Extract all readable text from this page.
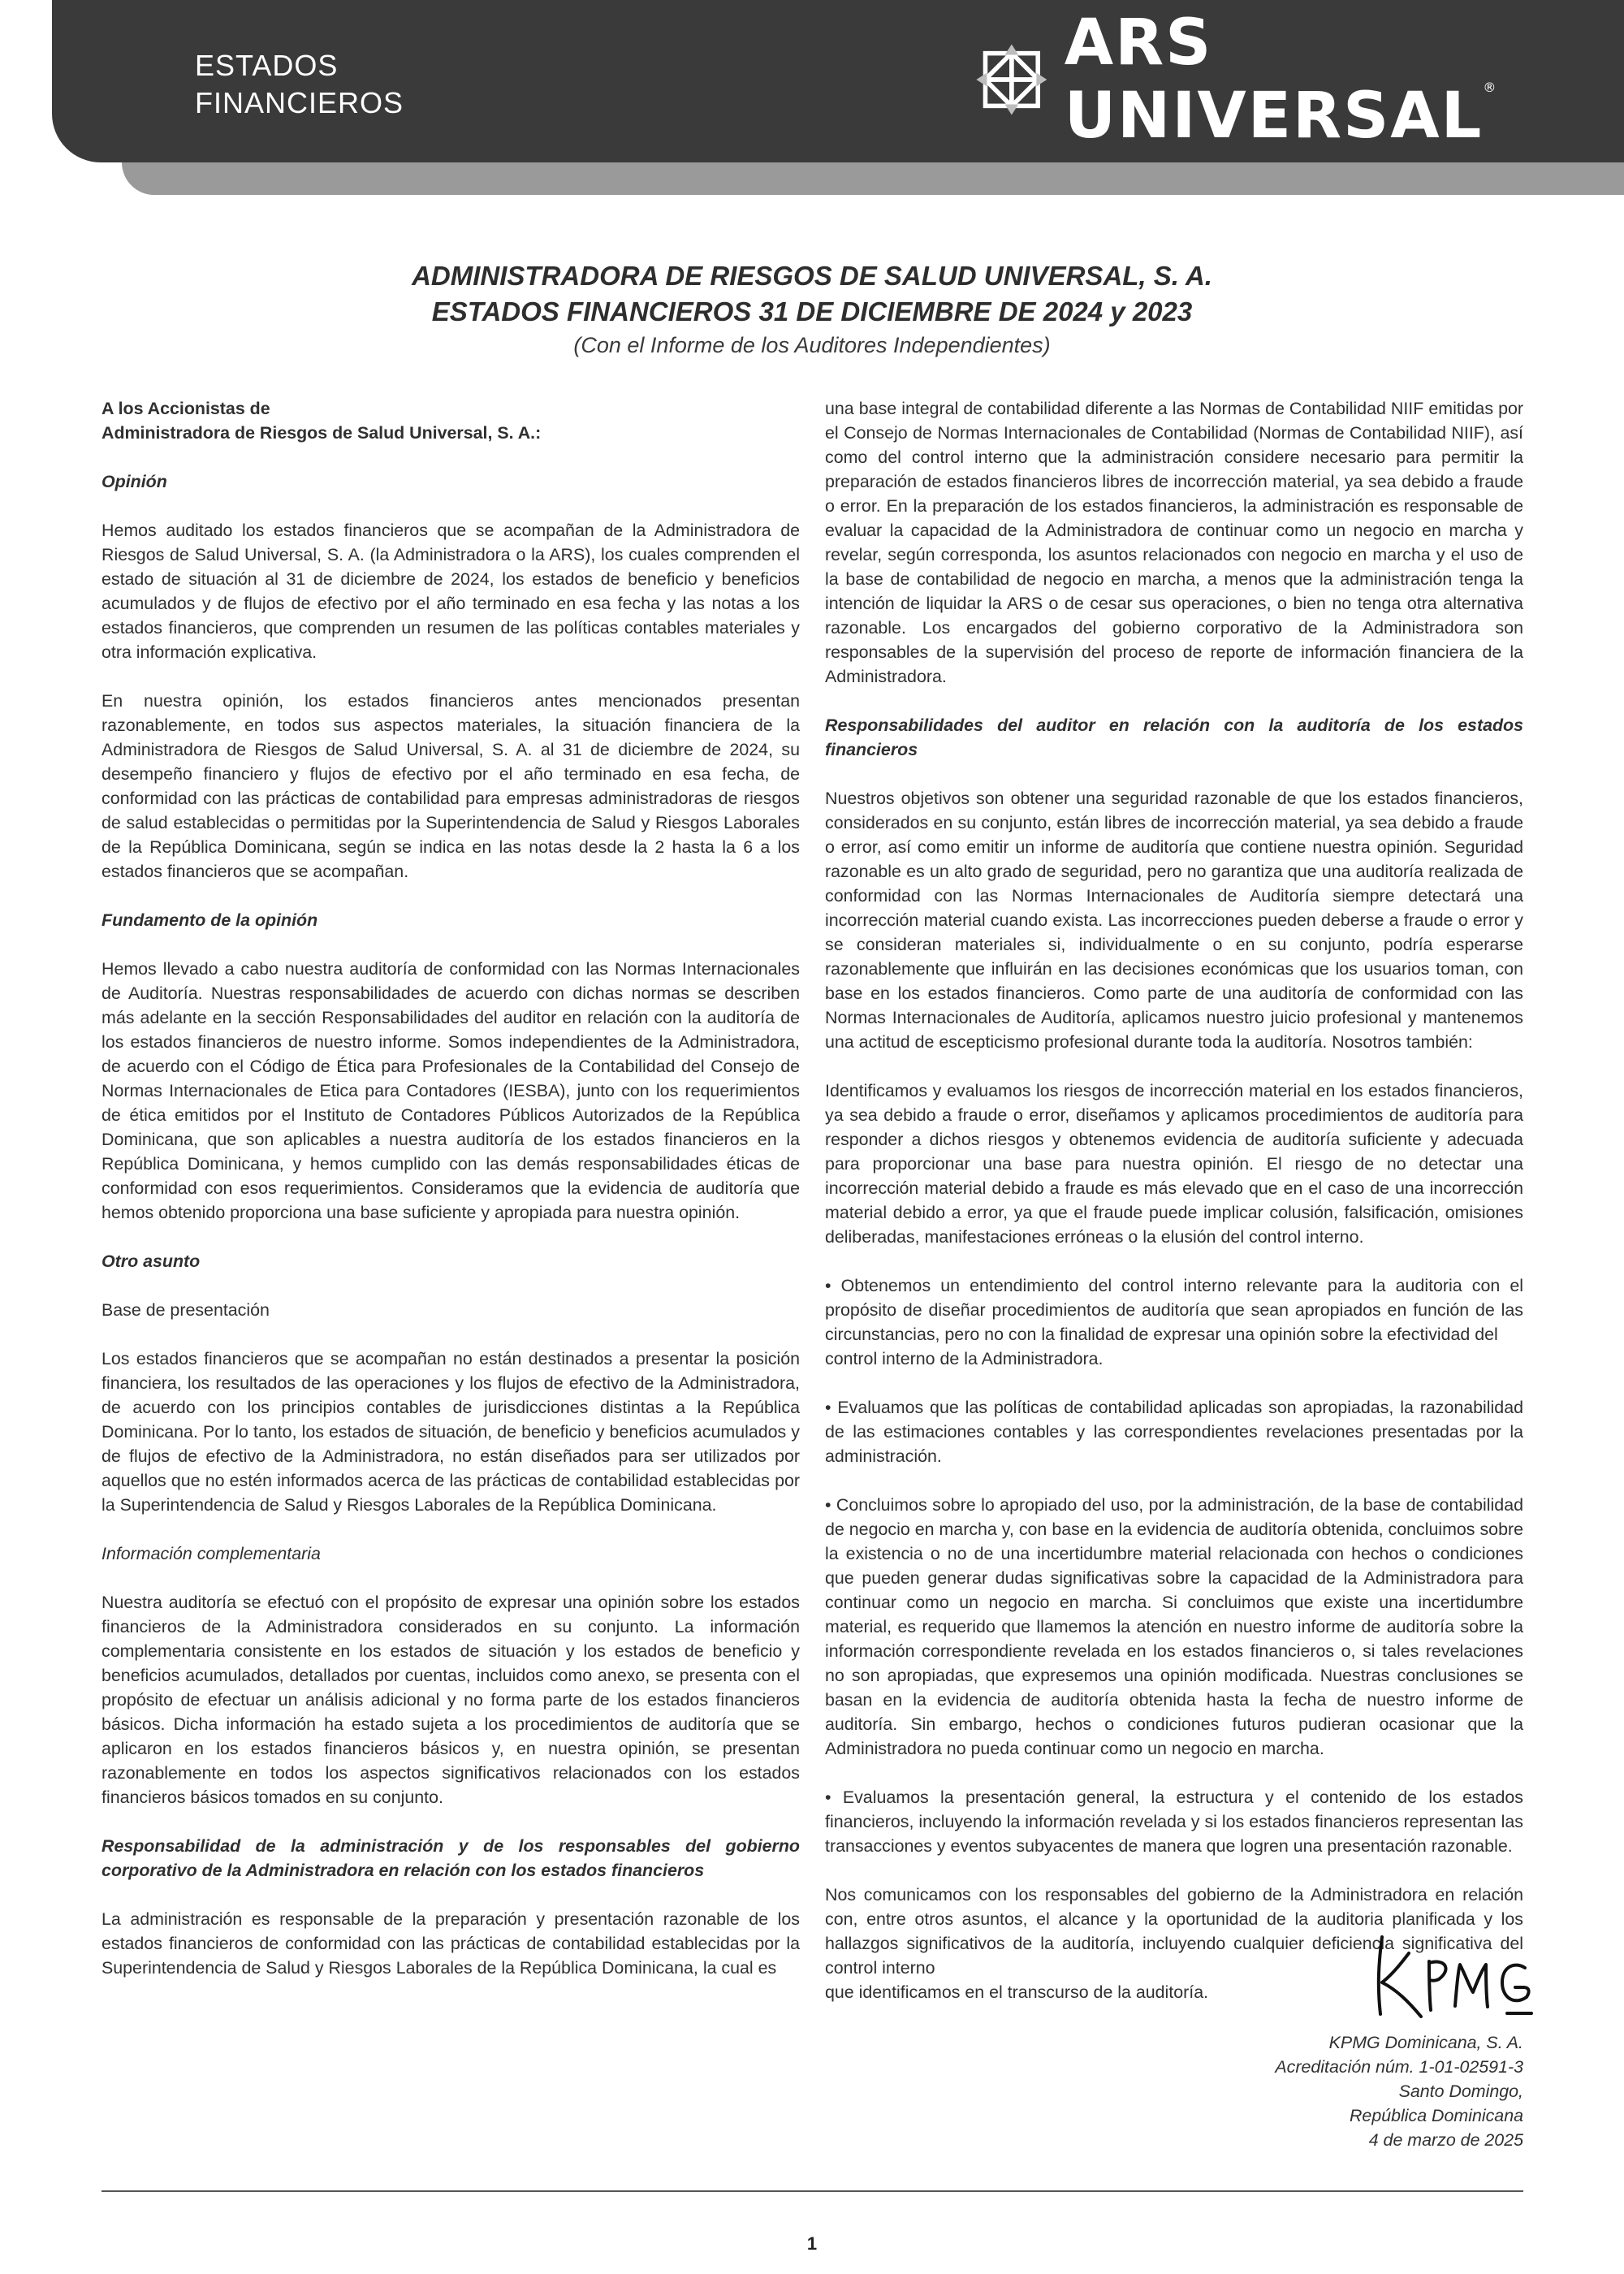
ESTADOS
FINANCIEROS
ARS UNIVERSAL®
ADMINISTRADORA DE RIESGOS DE SALUD UNIVERSAL, S. A.
ESTADOS FINANCIEROS 31 DE DICIEMBRE DE 2024 y 2023
(Con el Informe de los Auditores Independientes)

A los Accionistas de

Administradora de Riesgos de Salud Universal, S. A.:

Opinión

Hemos auditado los estados financieros que se acompañan de la Administradora de Riesgos de Salud Universal, S. A. (la Administradora o la ARS), los cuales comprenden el estado de situación al 31 de diciembre de 2024, los estados de beneficio y beneficios acumulados y de flujos de efectivo por el año terminado en esa fecha y las notas a los estados financieros, que comprenden un resumen de las políticas contables materiales y otra información explicativa.

En nuestra opinión, los estados financieros antes mencionados presentan razonablemente, en todos sus aspectos materiales, la situación financiera de la Administradora de Riesgos de Salud Universal, S. A. al 31 de diciembre de 2024, su desempeño financiero y flujos de efectivo por el año terminado en esa fecha, de conformidad con las prácticas de contabilidad para empresas administradoras de riesgos de salud establecidas o permitidas por la Superintendencia de Salud y Riesgos Laborales de la República Dominicana, según se indica en las notas desde la 2 hasta la 6 a los estados financieros que se acompañan.

Fundamento de la opinión

Hemos llevado a cabo nuestra auditoría de conformidad con las Normas Internacionales de Auditoría. Nuestras responsabilidades de acuerdo con dichas normas se describen más adelante en la sección Responsabilidades del auditor en relación con la auditoría de los estados financieros de nuestro informe. Somos independientes de la Administradora, de acuerdo con el Código de Ética para Profesionales de la Contabilidad del Consejo de Normas Internacionales de Etica para Contadores (IESBA), junto con los requerimientos de ética emitidos por el Instituto de Contadores Públicos Autorizados de la República Dominicana, que son aplicables a nuestra auditoría de los estados financieros en la República Dominicana, y hemos cumplido con las demás responsabilidades éticas de conformidad con esos requerimientos. Consideramos que la evidencia de auditoría que hemos obtenido proporciona una base suficiente y apropiada para nuestra opinión.

Otro asunto

Base de presentación

Los estados financieros que se acompañan no están destinados a presentar la posición financiera, los resultados de las operaciones y los flujos de efectivo de la Administradora, de acuerdo con los principios contables de jurisdicciones distintas a la República Dominicana. Por lo tanto, los estados de situación, de beneficio y beneficios acumulados y de flujos de efectivo de la Administradora, no están diseñados para ser utilizados por aquellos que no estén informados acerca de las prácticas de contabilidad establecidas por la Superintendencia de Salud y Riesgos Laborales de la República Dominicana.

Información complementaria

Nuestra auditoría se efectuó con el propósito de expresar una opinión sobre los estados financieros de la Administradora considerados en su conjunto. La información complementaria consistente en los estados de situación y los estados de beneficio y beneficios acumulados, detallados por cuentas, incluidos como anexo, se presenta con el propósito de efectuar un análisis adicional y no forma parte de los estados financieros básicos. Dicha información ha estado sujeta a los procedimientos de auditoría que se aplicaron en los estados financieros básicos y, en nuestra opinión, se presentan razonablemente en todos los aspectos significativos relacionados con los estados financieros básicos tomados en su conjunto.

Responsabilidad de la administración y de los responsables del gobierno corporativo de la Administradora en relación con los estados financieros

La administración es responsable de la preparación y presentación razonable de los estados financieros de conformidad con las prácticas de contabilidad establecidas por la Superintendencia de Salud y Riesgos Laborales de la República Dominicana, la cual es

una base integral de contabilidad diferente a las Normas de Contabilidad NIIF emitidas por el Consejo de Normas Internacionales de Contabilidad (Normas de Contabilidad NIIF), así como del control interno que la administración considere necesario para permitir la preparación de estados financieros libres de incorrección material, ya sea debido a fraude o error. En la preparación de los estados financieros, la administración es responsable de evaluar la capacidad de la Administradora de continuar como un negocio en marcha y revelar, según corresponda, los asuntos relacionados con negocio en marcha y el uso de la base de contabilidad de negocio en marcha, a menos que la administración tenga la intención de liquidar la ARS o de cesar sus operaciones, o bien no tenga otra alternativa razonable. Los encargados del gobierno corporativo de la Administradora son responsables de la supervisión del proceso de reporte de información financiera de la Administradora.

Responsabilidades del auditor en relación con la auditoría de los estados financieros

Nuestros objetivos son obtener una seguridad razonable de que los estados financieros, considerados en su conjunto, están libres de incorrección material, ya sea debido a fraude o error, así como emitir un informe de auditoría que contiene nuestra opinión. Seguridad razonable es un alto grado de seguridad, pero no garantiza que una auditoría realizada de conformidad con las Normas Internacionales de Auditoría siempre detectará una incorrección material cuando exista. Las incorrecciones pueden deberse a fraude o error y se consideran materiales si, individualmente o en su conjunto, podría esperarse razonablemente que influirán en las decisiones económicas que los usuarios toman, con base en los estados financieros. Como parte de una auditoría de conformidad con las Normas Internacionales de Auditoría, aplicamos nuestro juicio profesional y mantenemos una actitud de escepticismo profesional durante toda la auditoría. Nosotros también:

Identificamos y evaluamos los riesgos de incorrección material en los estados financieros, ya sea debido a fraude o error, diseñamos y aplicamos procedimientos de auditoría para responder a dichos riesgos y obtenemos evidencia de auditoría suficiente y adecuada para proporcionar una base para nuestra opinión. El riesgo de no detectar una incorrección material debido a fraude es más elevado que en el caso de una incorrección material debido a error, ya que el fraude puede implicar colusión, falsificación, omisiones deliberadas, manifestaciones erróneas o la elusión del control interno.

• Obtenemos un entendimiento del control interno relevante para la auditoria con el propósito de diseñar procedimientos de auditoría que sean apropiados en función de las circunstancias, pero no con la finalidad de expresar una opinión sobre la efectividad del

control interno de la Administradora.

• Evaluamos que las políticas de contabilidad aplicadas son apropiadas, la razonabilidad de las estimaciones contables y las correspondientes revelaciones presentadas por la administración.

• Concluimos sobre lo apropiado del uso, por la administración, de la base de contabilidad de negocio en marcha y, con base en la evidencia de auditoría obtenida, concluimos sobre la existencia o no de una incertidumbre material relacionada con hechos o condiciones que pueden generar dudas significativas sobre la capacidad de la Administradora para continuar como un negocio en marcha. Si concluimos que existe una incertidumbre material, es requerido que llamemos la atención en nuestro informe de auditoría sobre la información correspondiente revelada en los estados financieros o, si tales revelaciones no son apropiadas, que expresemos una opinión modificada. Nuestras conclusiones se basan en la evidencia de auditoría obtenida hasta la fecha de nuestro informe de auditoría. Sin embargo, hechos o condiciones futuros pudieran ocasionar que la Administradora no pueda continuar como un negocio en marcha.

• Evaluamos la presentación general, la estructura y el contenido de los estados financieros, incluyendo la información revelada y si los estados financieros representan las transacciones y eventos subyacentes de manera que logren una presentación razonable.

Nos comunicamos con los responsables del gobierno de la Administradora en relación con, entre otros asuntos, el alcance y la oportunidad de la auditoria planificada y los hallazgos significativos de la auditoría, incluyendo cualquier deficiencia significativa del control interno

que identificamos en el transcurso de la auditoría.

KPMG Dominicana, S. A.
Acreditación núm. 1-01-02591-3
Santo Domingo,
República Dominicana
4 de marzo de 2025
1
